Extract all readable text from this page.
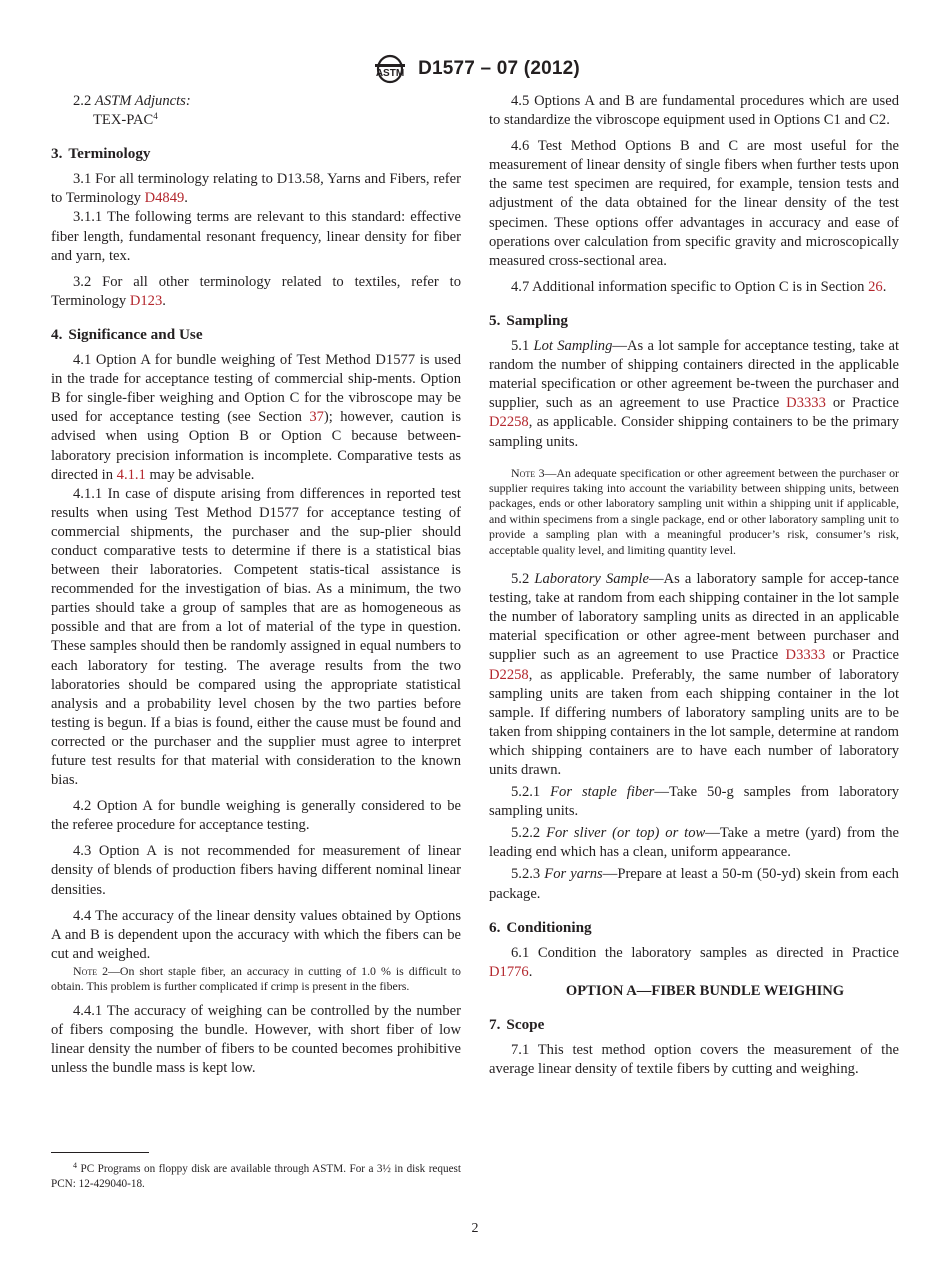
ASTM D1577 – 07 (2012)

2.2 ASTM Adjuncts:

TEX-PAC$^4$

3. Terminology

3.1 For all terminology relating to D13.58, Yarns and Fibers, refer to Terminology D4849.

3.1.1 The following terms are relevant to this standard: effective fiber length, fundamental resonant frequency, linear density for fiber and yarn, tex.

3.2 For all other terminology related to textiles, refer to Terminology D123.

4. Significance and Use

4.1 Option A for bundle weighing of Test Method D1577 is used in the trade for acceptance testing of commercial ship-ments. Option B for single-fiber weighing and Option C for the vibroscope may be used for acceptance testing (see Section 37); however, caution is advised when using Option B or Option C because between-laboratory precision information is incomplete. Comparative tests as directed in 4.1.1 may be advisable.

4.1.1 In case of dispute arising from differences in reported test results when using Test Method D1577 for acceptance testing of commercial shipments, the purchaser and the sup-plier should conduct comparative tests to determine if there is a statistical bias between their laboratories. Competent statis-tical assistance is recommended for the investigation of bias. As a minimum, the two parties should take a group of samples that are as homogeneous as possible and that are from a lot of material of the type in question. These samples should then be randomly assigned in equal numbers to each laboratory for testing. The average results from the two laboratories should be compared using the appropriate statistical analysis and a probability level chosen by the two parties before testing is begun. If a bias is found, either the cause must be found and corrected or the purchaser and the supplier must agree to interpret future test results for that material with consideration to the known bias.

4.2 Option A for bundle weighing is generally considered to be the referee procedure for acceptance testing.

4.3 Option A is not recommended for measurement of linear density of blends of production fibers having different nominal linear densities.

4.4 The accuracy of the linear density values obtained by Options A and B is dependent upon the accuracy with which the fibers can be cut and weighed.

Note 2—On short staple fiber, an accuracy in cutting of 1.0 % is difficult to obtain. This problem is further complicated if crimp is present in the fibers.

4.4.1 The accuracy of weighing can be controlled by the number of fibers composing the bundle. However, with short fiber of low linear density the number of fibers to be counted becomes prohibitive unless the bundle mass is kept low.

4.5 Options A and B are fundamental procedures which are used to standardize the vibroscope equipment used in Options C1 and C2.

4.6 Test Method Options B and C are most useful for the measurement of linear density of single fibers when further tests upon the same test specimen are required, for example, tension tests and adjustment of the data obtained for the linear density of the test specimen. These options offer advantages in accuracy and ease of operations over calculation from specific gravity and microscopically measured cross-sectional area.

4.7 Additional information specific to Option C is in Section 26.

5. Sampling

5.1 Lot Sampling—As a lot sample for acceptance testing, take at random the number of shipping containers directed in the applicable material specification or other agreement be-tween the purchaser and supplier, such as an agreement to use Practice D3333 or Practice D2258, as applicable. Consider shipping containers to be the primary sampling units.

Note 3—An adequate specification or other agreement between the purchaser or supplier requires taking into account the variability between shipping units, between packages, ends or other laboratory sampling unit within a shipping unit if applicable, and within specimens from a single package, end or other laboratory sampling unit to provide a sampling plan with a meaningful producer’s risk, consumer’s risk, acceptable quality level, and limiting quantity level.

5.2 Laboratory Sample—As a laboratory sample for accep-tance testing, take at random from each shipping container in the lot sample the number of laboratory sampling units as directed in an applicable material specification or other agree-ment between purchaser and supplier such as an agreement to use Practice D3333 or Practice D2258, as applicable. Preferably, the same number of laboratory sampling units are taken from each shipping container in the lot sample. If differing numbers of laboratory sampling units are to be taken from shipping containers in the lot sample, determine at random which shipping containers are to have each number of laboratory units drawn.

5.2.1 For staple fiber—Take 50-g samples from laboratory sampling units.

5.2.2 For sliver (or top) or tow—Take a metre (yard) from the leading end which has a clean, uniform appearance.

5.2.3 For yarns—Prepare at least a 50-m (50-yd) skein from each package.

6. Conditioning

6.1 Condition the laboratory samples as directed in Practice D1776.

OPTION A—FIBER BUNDLE WEIGHING

7. Scope

7.1 This test method option covers the measurement of the average linear density of textile fibers by cutting and weighing.

$^4$ PC Programs on floppy disk are available through ASTM. For a 3½ in disk request PCN: 12-429040-18.
2
